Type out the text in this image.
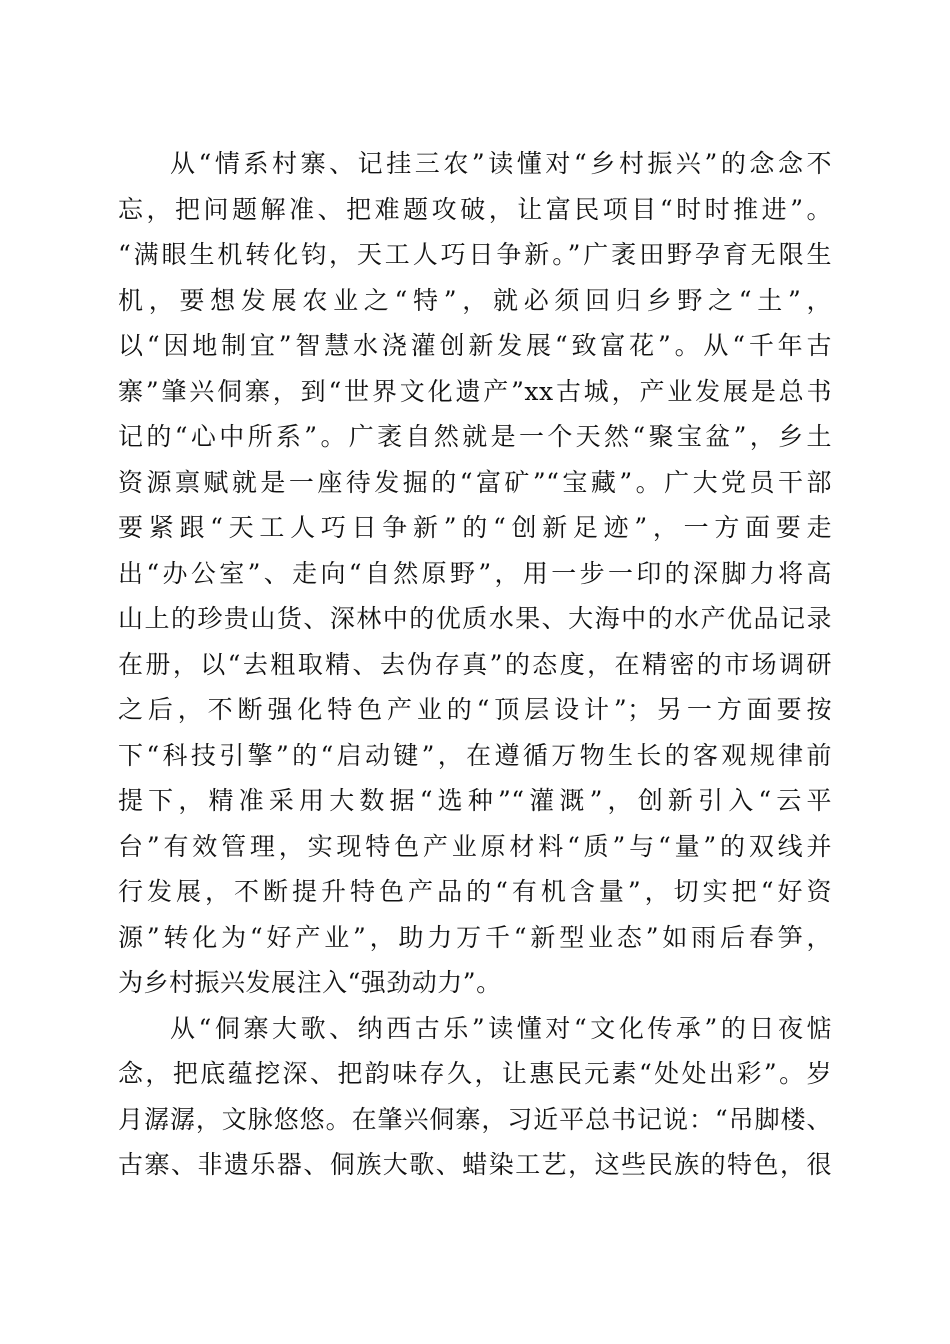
从“情系村寨、记挂三农”读懂对“乡村振兴”的念念不
忘，把问题解准、把难题攻破，让富民项目“时时推进”。
“满眼生机转化钧，天工人巧日争新。”广袤田野孕育无限生
机，要想发展农业之“特”，就必须回归乡野之“土”，
以“因地制宜”智慧水浇灌创新发展“致富花”。从“千年古
寨”肇兴侗寨，到“世界文化遗产”xx古城，产业发展是总书
记的“心中所系”。广袤自然就是一个天然“聚宝盆”，乡土
资源禀赋就是一座待发掘的“富矿”“宝藏”。广大党员干部
要紧跟“天工人巧日争新”的“创新足迹”，一方面要走
出“办公室”、走向“自然原野”，用一步一印的深脚力将高
山上的珍贵山货、深林中的优质水果、大海中的水产优品记录
在册，以“去粗取精、去伪存真”的态度，在精密的市场调研
之后，不断强化特色产业的“顶层设计”；另一方面要按
下“科技引擎”的“启动键”，在遵循万物生长的客观规律前
提下，精准采用大数据“选种”“灌溉”，创新引入“云平
台”有效管理，实现特色产业原材料“质”与“量”的双线并
行发展，不断提升特色产品的“有机含量”，切实把“好资
源”转化为“好产业”，助力万千“新型业态”如雨后春笋，
为乡村振兴发展注入“强劲动力”。
从“侗寨大歌、纳西古乐”读懂对“文化传承”的日夜惦
念，把底蕴挖深、把韵味存久，让惠民元素“处处出彩”。岁
月潺潺，文脉悠悠。在肇兴侗寨，习近平总书记说：“吊脚楼、
古寨、非遗乐器、侗族大歌、蜡染工艺，这些民族的特色，很
